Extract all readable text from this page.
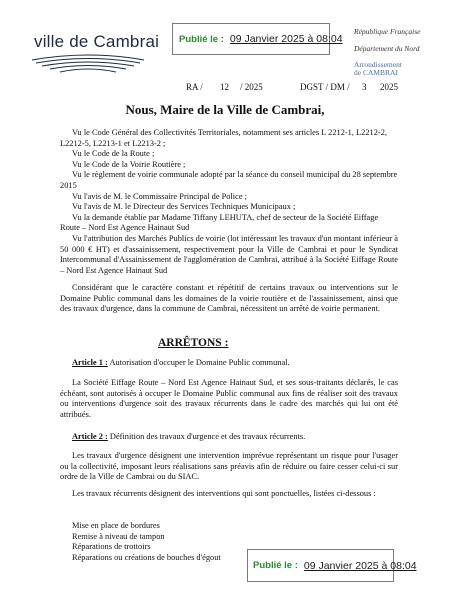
ville de Cambrai Publié le : 09 Janvier 2025 à 08:04
République Française
Département du Nord
Arrondissement
de CAMBRAI
RA / 12 / 2025	DGST / DM / 3 2025
Nous, Maire de la Ville de Cambrai,

Vu le Code Général des Collectivités Territoriales, notamment ses articles L 2212-1, L2212-2, L2212-5, L2213-1 et L2213-2 ;

Vu le Code de la Route ;

Vu le Code de la Voirie Routière ;

Vu le règlement de voirie communale adopté par la séance du conseil municipal du 28 septembre 2015

Vu l'avis de M. le Commissaire Principal de Police ;

Vu l'avis de M. le Directeur des Services Techniques Municipaux ;

Vu la demande établie par Madame Tiffany LEHUTA, chef de secteur de la Société Eiffage Route – Nord Est Agence Hainaut Sud

Vu l'attribution des Marchés Publics de voirie (lot intéressant les travaux d'un montant inférieur à 50 000 € HT) et d'assainissement, respectivement pour la Ville de Cambrai et pour le Syndicat Intercommunal d'Assainissement de l'agglomération de Cambrai, attribué à la Société Eiffage Route – Nord Est Agence Hainaut Sud

Considérant que le caractère constant et répétitif de certains travaux ou interventions sur le Domaine Public communal dans les domaines de la voirie routière et de l'assainissement, ainsi que des travaux d'urgence, dans la commune de Cambrai, nécessitent un arrêté de voirie permanent.

ARRÊTONS :

Article 1 : Autorisation d'occuper le Domaine Public communal.

La Société Eiffage Route – Nord Est Agence Hainaut Sud, et ses sous-traitants déclarés, le cas échéant, sont autorisés à occuper le Domaine Public communal aux fins de réaliser soit des travaux ou interventions d'urgence soit des travaux récurrents dans le cadre des marchés qui lui ont été attribués.

Article 2 : Définition des travaux d'urgence et des travaux récurrents.

Les travaux d'urgence désignent une intervention imprévue représentant un risque pour l'usager ou la collectivité, imposant leurs réalisations sans préavis afin de réduire ou faire cesser celui-ci sur ordre de la Ville de Cambrai ou du SIAC.

Les travaux récurrents désignent des interventions qui sont ponctuelles, listées ci-dessous :

Mise en place de bordures
Remise à niveau de tampon
Réparations de trottoirs
Réparations ou créations de bouches d'égout
Publié le : 09 Janvier 2025 à 08:04
